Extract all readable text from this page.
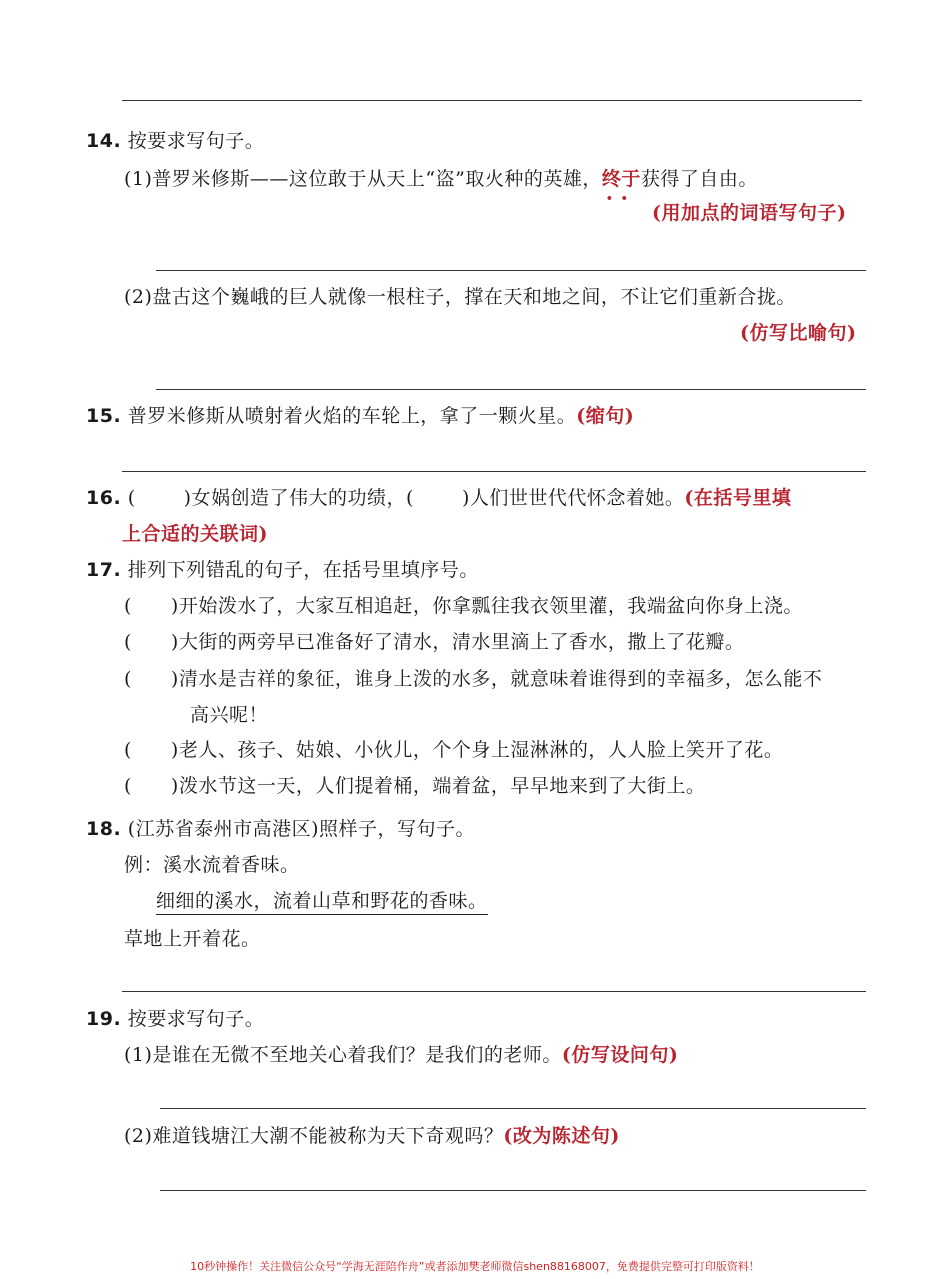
14. 按要求写句子。
(1)普罗米修斯——这位敢于从天上“盗”取火种的英雄，终于 • •获得了自由。
(用加点的词语写句子)
(2)盘古这个巍峨的巨人就像一根柱子，撑在天和地之间，不让它们重新合拢。
(仿写比喻句)
15. 普罗米修斯从喷射着火焰的车轮上，拿了一颗火星。(缩句)
16. (	)女娲创造了伟大的功绩，(	)人们世世代代怀念着她。(在括号里填
上合适的关联词)
17. 排列下列错乱的句子，在括号里填序号。
(　　)开始泼水了，大家互相追赶，你拿瓢往我衣领里灌，我端盆向你身上浇。
(　　)大街的两旁早已准备好了清水，清水里滴上了香水，撒上了花瓣。
(　　)清水是吉祥的象征，谁身上泼的水多，就意味着谁得到的幸福多，怎么能不
高兴呢！
(　　)老人、孩子、姑娘、小伙儿，个个身上湿淋淋的，人人脸上笑开了花。
(　　)泼水节这一天，人们提着桶，端着盆，早早地来到了大街上。
18. (江苏省泰州市高港区)照样子，写句子。
例：溪水流着香味。
细细的溪水，流着山草和野花的香味。
草地上开着花。
19. 按要求写句子。
(1)是谁在无微不至地关心着我们？是我们的老师。(仿写设问句)
(2)难道钱塘江大潮不能被称为天下奇观吗？(改为陈述句)
10秒钟操作！关注微信公众号“学海无涯陪作舟”或者添加樊老师微信shen88168007，免费提供完整可打印版资料！
